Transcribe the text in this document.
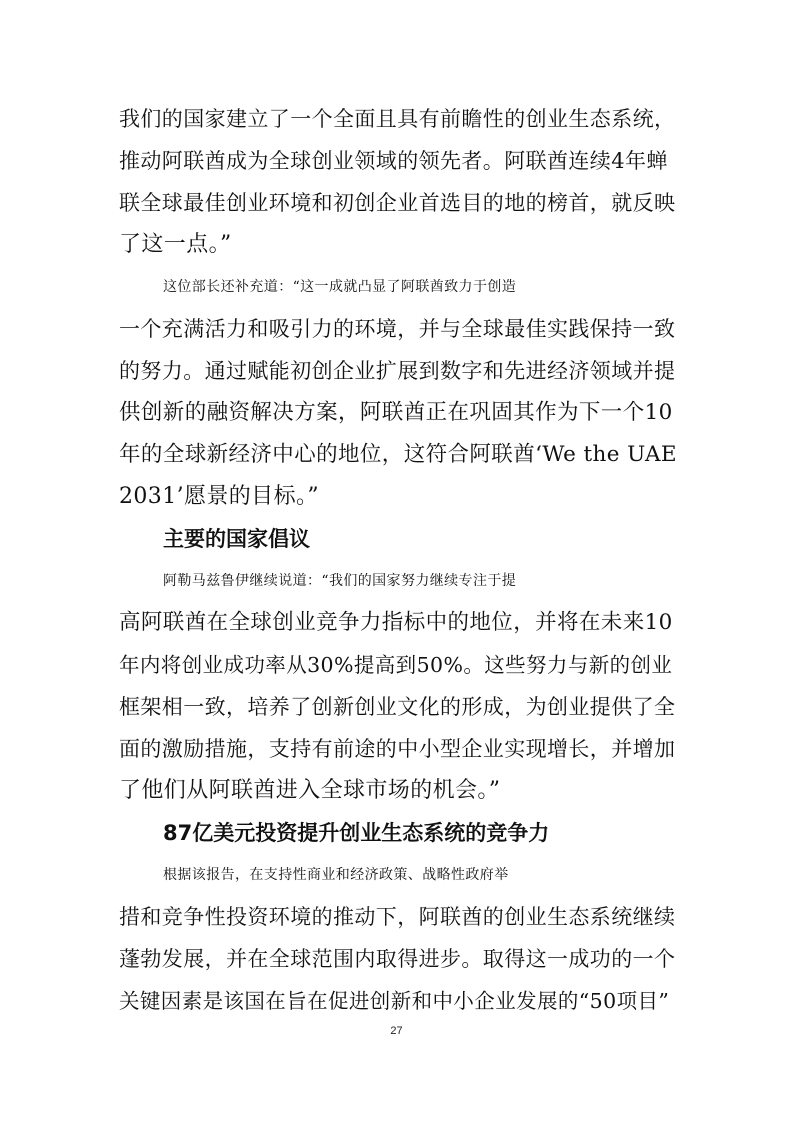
我们的国家建立了一个全面且具有前瞻性的创业生态系统，
推动阿联酋成为全球创业领域的领先者。阿联酋连续4年蝉
联全球最佳创业环境和初创企业首选目的地的榜首，就反映
了这一点。”
这位部长还补充道：“这一成就凸显了阿联酋致力于创造
一个充满活力和吸引力的环境，并与全球最佳实践保持一致
的努力。通过赋能初创企业扩展到数字和先进经济领域并提
供创新的融资解决方案，阿联酋正在巩固其作为下一个10
年的全球新经济中心的地位，这符合阿联酋‘We the UAE
2031’愿景的目标。”
主要的国家倡议
阿勒马兹鲁伊继续说道：“我们的国家努力继续专注于提
高阿联酋在全球创业竞争力指标中的地位，并将在未来10
年内将创业成功率从30%提高到50%。这些努力与新的创业
框架相一致，培养了创新创业文化的形成，为创业提供了全
面的激励措施，支持有前途的中小型企业实现增长，并增加
了他们从阿联酋进入全球市场的机会。”
87亿美元投资提升创业生态系统的竞争力
根据该报告，在支持性商业和经济政策、战略性政府举
措和竞争性投资环境的推动下，阿联酋的创业生态系统继续
蓬勃发展，并在全球范围内取得进步。取得这一成功的一个
关键因素是该国在旨在促进创新和中小企业发展的“50项目”
27
